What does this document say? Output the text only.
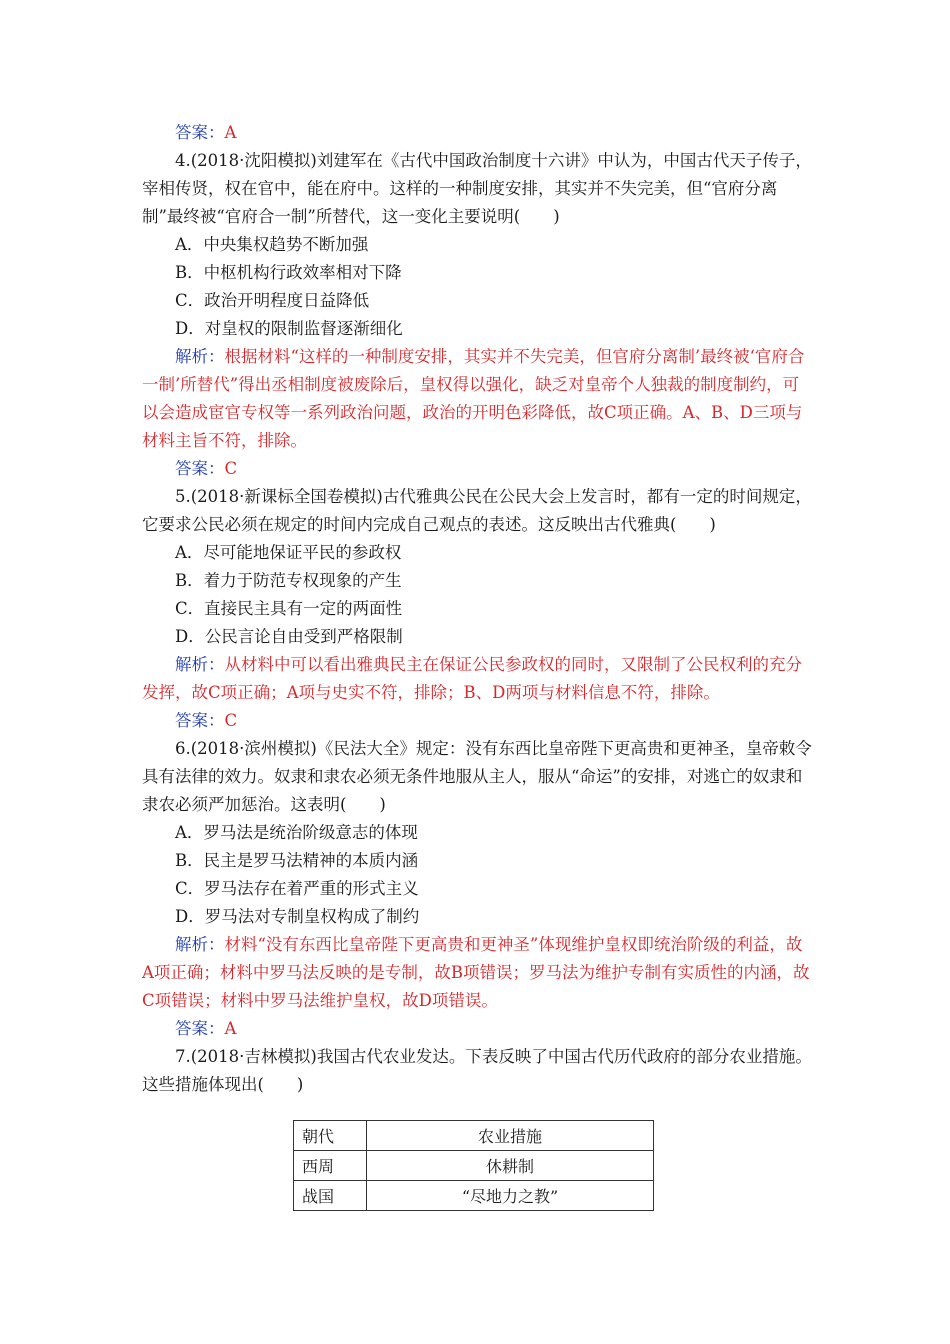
答案：A
4.(2018·沈阳模拟)刘建军在《古代中国政治制度十六讲》中认为，中国古代天子传子，宰相传贤，权在官中，能在府中。这样的一种制度安排，其实并不失完美，但“官府分离制”最终被“官府合一制”所替代，这一变化主要说明(　　)
A．中央集权趋势不断加强
B．中枢机构行政效率相对下降
C．政治开明程度日益降低
D．对皇权的限制监督逐渐细化
解析：根据材料“这样的一种制度安排，其实并不失完美，但官府分离制’最终被‘官府合一制’所替代”得出丞相制度被废除后，皇权得以强化，缺乏对皇帝个人独裁的制度制约，可以会造成宦官专权等一系列政治问题，政治的开明色彩降低，故C项正确。A、B、D三项与材料主旨不符，排除。
答案：C
5.(2018·新课标全国卷模拟)古代雅典公民在公民大会上发言时，都有一定的时间规定，它要求公民必须在规定的时间内完成自己观点的表述。这反映出古代雅典(　　)
A．尽可能地保证平民的参政权
B．着力于防范专权现象的产生
C．直接民主具有一定的两面性
D．公民言论自由受到严格限制
解析：从材料中可以看出雅典民主在保证公民参政权的同时，又限制了公民权利的充分发挥，故C项正确；A项与史实不符，排除；B、D两项与材料信息不符，排除。
答案：C
6.(2018·滨州模拟)《民法大全》规定：没有东西比皇帝陛下更高贵和更神圣，皇帝敕令具有法律的效力。奴隶和隶农必须无条件地服从主人，服从“命运”的安排，对逃亡的奴隶和隶农必须严加惩治。这表明(　　)
A．罗马法是统治阶级意志的体现
B．民主是罗马法精神的本质内涵
C．罗马法存在着严重的形式主义
D．罗马法对专制皇权构成了制约
解析：材料“没有东西比皇帝陛下更高贵和更神圣”体现维护皇权即统治阶级的利益，故A项正确；材料中罗马法反映的是专制，故B项错误；罗马法为维护专制有实质性的内涵，故C项错误；材料中罗马法维护皇权，故D项错误。
答案：A
7.(2018·吉林模拟)我国古代农业发达。下表反映了中国古代历代政府的部分农业措施。这些措施体现出(　　)
朝代	农业措施
西周	休耕制
战国	“尽地力之教”
